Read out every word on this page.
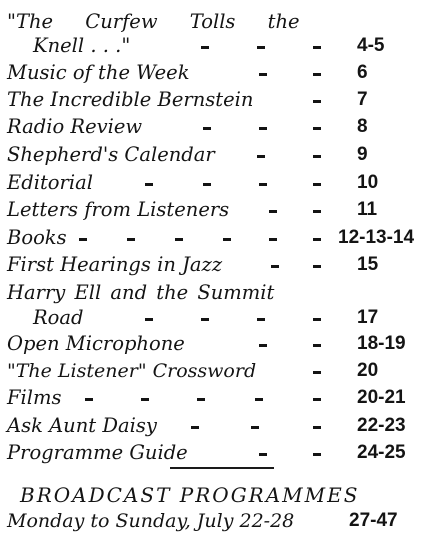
"The Curfew Tolls the
Knell . . ."	4-5
Music of the Week	6
The Incredible Bernstein	7
Radio Review	8
Shepherd's Calendar	9
Editorial	10
Letters from Listeners	11
Books	12-13-14
First Hearings in Jazz	15
Harry Ell and the Summit
Road	17
Open Microphone	18-19
"The Listener" Crossword	20
Films	20-21
Ask Aunt Daisy	22-23
Programme Guide	24-25
BROADCAST PROGRAMMES
Monday to Sunday, July 22-28	27-47
